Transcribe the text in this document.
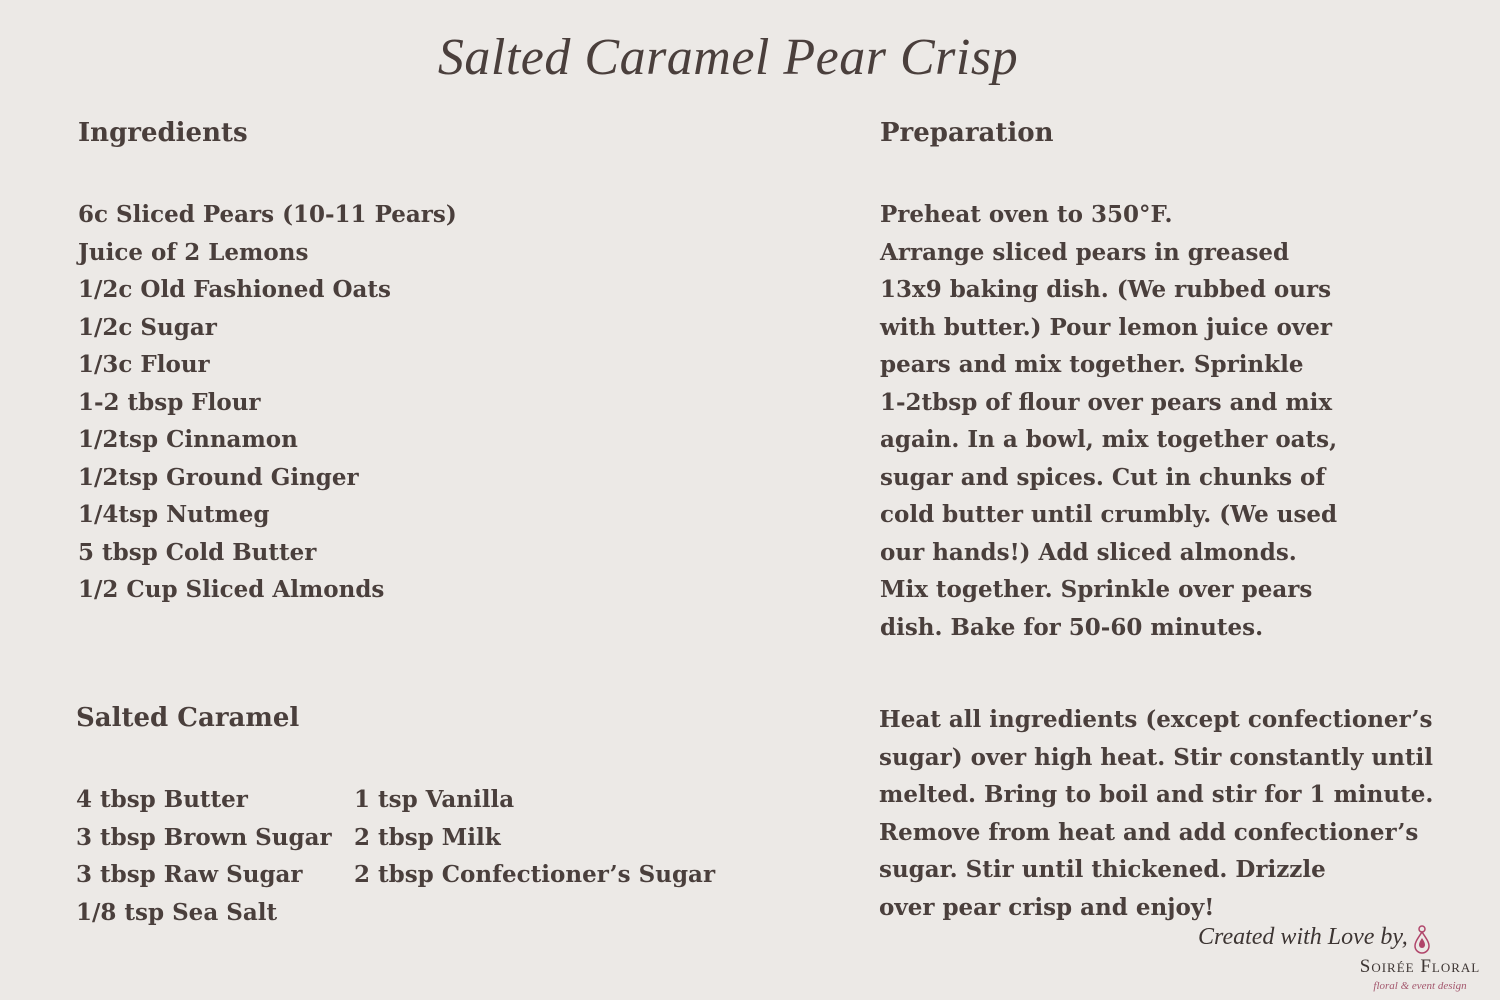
Salted Caramel Pear Crisp
Ingredients
6c Sliced Pears (10-11 Pears)
Juice of 2 Lemons
1/2c Old Fashioned Oats
1/2c Sugar
1/3c Flour
1-2 tbsp Flour
1/2tsp Cinnamon
1/2tsp Ground Ginger
1/4tsp Nutmeg
5 tbsp Cold Butter
1/2 Cup Sliced Almonds
Preparation
Preheat oven to 350°F.
Arrange sliced pears in greased
13x9 baking dish. (We rubbed ours
with butter.) Pour lemon juice over
pears and mix together. Sprinkle
1-2tbsp of flour over pears and mix
again. In a bowl, mix together oats,
sugar and spices. Cut in chunks of
cold butter until crumbly. (We used
our hands!) Add sliced almonds.
Mix together. Sprinkle over pears
dish. Bake for 50-60 minutes.
Salted Caramel
4 tbsp Butter
3 tbsp Brown Sugar
3 tbsp Raw Sugar
1/8 tsp Sea Salt
1 tsp Vanilla
2 tbsp Milk
2 tbsp Confectioner’s Sugar
Heat all ingredients (except confectioner’s
sugar) over high heat. Stir constantly until
melted. Bring to boil and stir for 1 minute.
Remove from heat and add confectioner’s
sugar. Stir until thickened. Drizzle
over pear crisp and enjoy!
Created with Love by,
Soirée Floral
floral & event design
